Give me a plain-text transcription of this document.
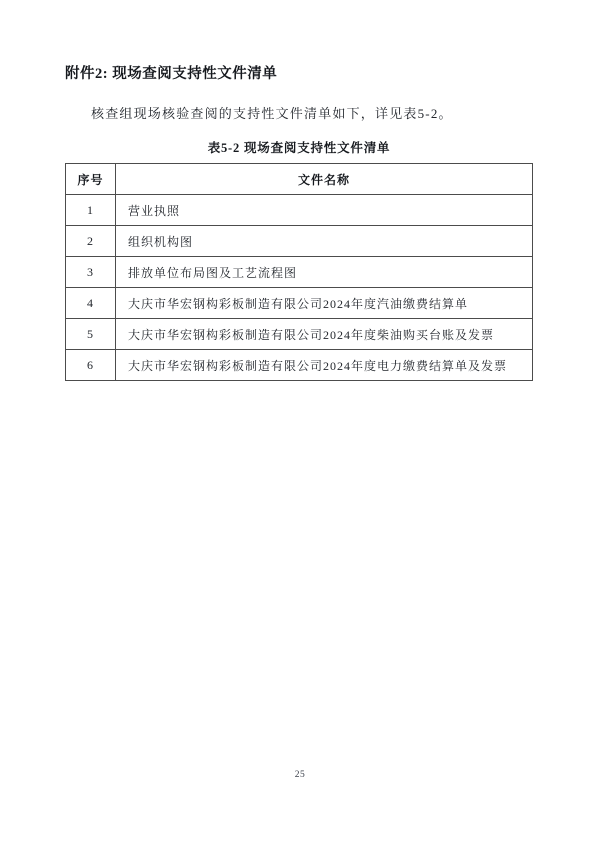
附件2: 现场查阅支持性文件清单

核查组现场核验查阅的支持性文件清单如下，详见表5-2。

表5-2 现场查阅支持性文件清单
序号	文件名称
1	营业执照
2	组织机构图
3	排放单位布局图及工艺流程图
4	大庆市华宏钢构彩板制造有限公司2024年度汽油缴费结算单
5	大庆市华宏钢构彩板制造有限公司2024年度柴油购买台账及发票
6	大庆市华宏钢构彩板制造有限公司2024年度电力缴费结算单及发票
25
